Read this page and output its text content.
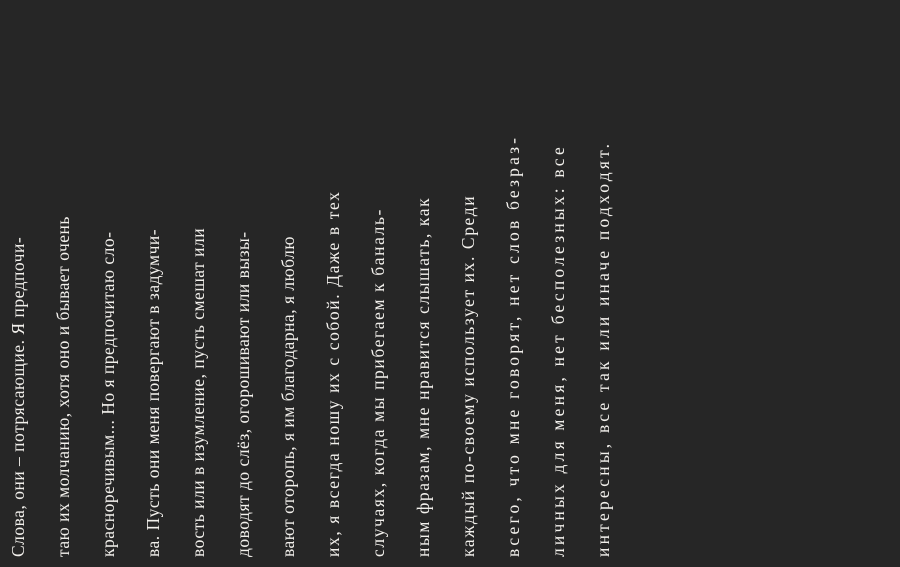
Слова, они – потрясающие. Я предпочи-	таю их молчанию, хотя оно и бывает очень	красноречивым... Но я предпочитаю сло-	ва. Пусть они меня повергают в задумчи-	вость или в изумление, пусть смешат или	доводят до слёз, огорошивают или вызы-	вают оторопь, я им благодарна, я люблю	их, я всегда ношу их с собой. Даже в тех	случаях, когда мы прибегаем к баналь-	ным фразам, мне нравится слышать, как	каждый по-своему использует их. Среди	всего, что мне говорят, нет слов безраз-	личных для меня, нет бесполезных: все	интересны, все так или иначе подходят.
